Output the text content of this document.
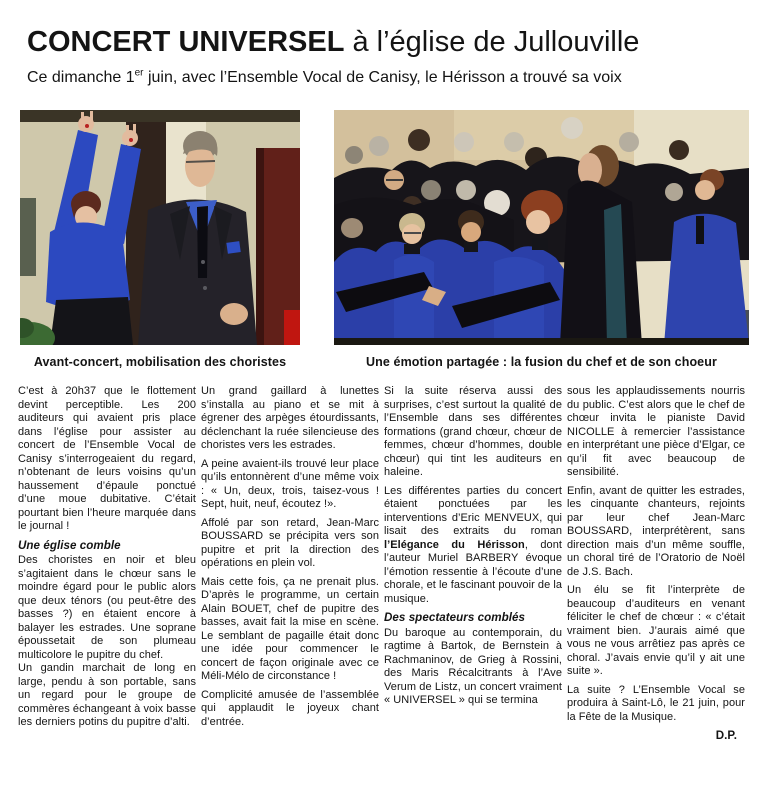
CONCERT UNIVERSEL à l’église de Jullouville

Ce dimanche 1er juin, avec l’Ensemble Vocal de Canisy, le Hérisson a trouvé sa voix

Avant-concert, mobilisation des choristes	Une émotion partagée : la fusion du chef et de son choeur

C’est à 20h37 que le flottement devint perceptible. Les 200 auditeurs qui avaient pris place dans l’église pour assister au concert de l’Ensemble Vocal de Canisy s’interrogeaient du regard, n’obtenant de leurs voisins qu’un haussement d’épaule ponctué d’une moue dubitative. C’était pourtant bien l’heure marquée dans le journal !

Une église comble

Des choristes en noir et bleu s’agitaient dans le chœur sans le moindre égard pour le public alors que deux ténors (ou peut-être des basses ?) en étaient encore à balayer les estrades. Une soprane époussetait de son plumeau multicolore le pupitre du chef.

Un gandin marchait de long en large, pendu à son portable, sans un regard pour le groupe de commères échangeant à voix basse les derniers potins du pupitre d’alti.

Un grand gaillard à lunettes s’installa au piano et se mit à égrener des arpèges étourdissants, déclenchant la ruée silencieuse des choristes vers les estrades.

A peine avaient-ils trouvé leur place qu’ils entonnèrent d’une même voix : « Un, deux, trois, taisez-vous ! Sept, huit, neuf, écoutez !».

Affolé par son retard, Jean-Marc BOUSSARD se précipita vers son pupitre et prit la direction des opérations en plein vol.

Mais cette fois, ça ne prenait plus. D’après le programme, un certain Alain BOUET, chef de pupitre des basses, avait fait la mise en scène. Le semblant de pagaille était donc une idée pour commencer le concert de façon originale avec ce Méli-Mélo de circonstance !

Complicité amusée de l’assemblée qui applaudit le joyeux chant d’entrée.

Si la suite réserva aussi des surprises, c’est surtout la qualité de l’Ensemble dans ses différentes formations (grand chœur, chœur de femmes, chœur d’hommes, double chœur) qui tint les auditeurs en haleine.

Les différentes parties du concert étaient ponctuées par les interventions d’Eric MENVEUX, qui lisait des extraits du roman l’Elégance du Hérisson, dont l’auteur Muriel BARBERY évoque l’émotion ressentie à l’écoute d’une chorale, et le fascinant pouvoir de la musique.

Des spectateurs comblés

Du baroque au contemporain, du ragtime à Bartok, de Bernstein à Rachmaninov, de Grieg à Rossini, des Maris Récalcitrants à l’Ave Verum de Listz, un concert vraiment « UNIVERSEL » qui se termina

sous les applaudissements nourris du public. C’est alors que le chef de chœur invita le pianiste David NICOLLE à remercier l’assistance en interprétant une pièce d’Elgar, ce qu’il fit avec beaucoup de sensibilité.

Enfin, avant de quitter les estrades, les cinquante chanteurs, rejoints par leur chef Jean-Marc BOUSSARD, interprétèrent, sans direction mais d’un même souffle, un choral tiré de l’Oratorio de Noël de J.S. Bach.

Un élu se fit l’interprète de beaucoup d’auditeurs en venant féliciter le chef de chœur : « c’était vraiment bien. J’aurais aimé que vous ne vous arrêtiez pas après ce choral. J’avais envie qu’il y ait une suite ».

La suite ? L’Ensemble Vocal se produira à Saint-Lô, le 21 juin, pour la Fête de la Musique.

D.P.
